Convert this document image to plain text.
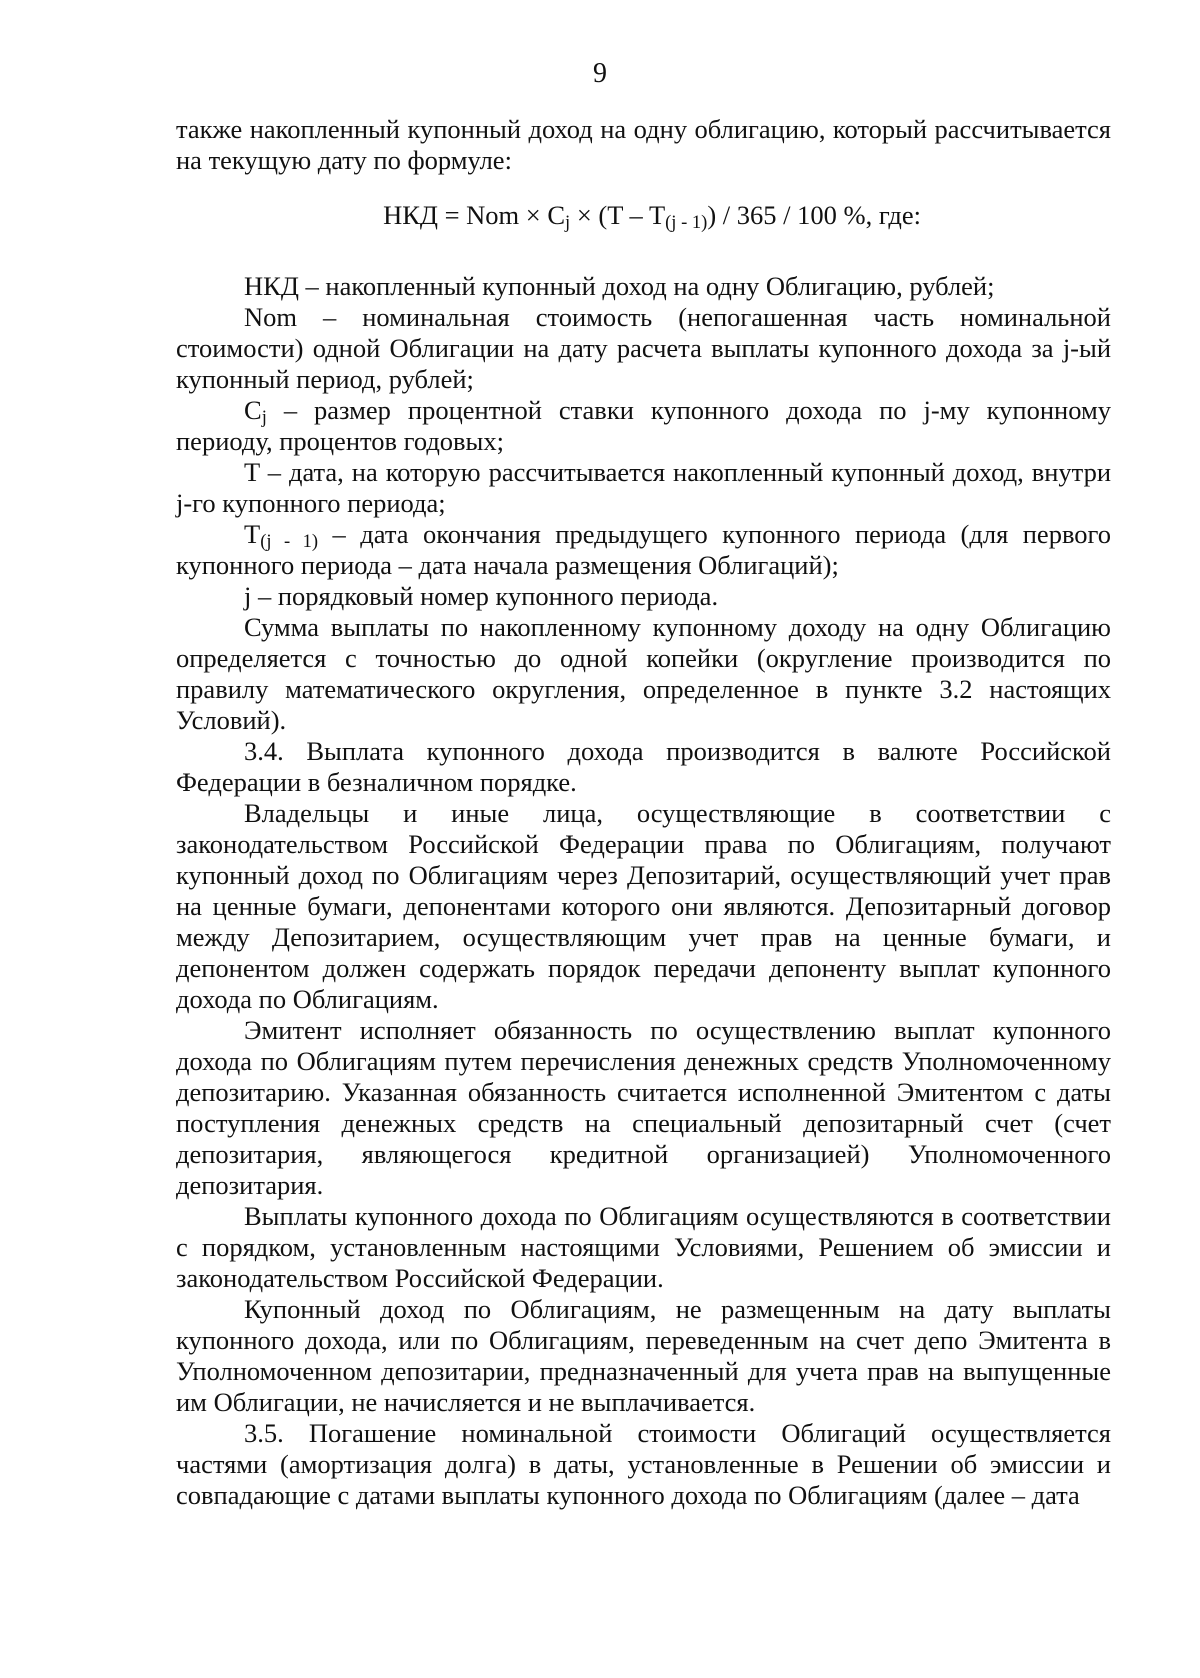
9

также накопленный купонный доход на одну облигацию, который рассчитывается на текущую дату по формуле:

НКД = Nom × $C_j \times (T - T_{(j - 1)}) / 365 / 100$ %, где:

НКД – накопленный купонный доход на одну Облигацию, рублей;

Nom – номинальная стоимость (непогашенная часть номинальной стоимости) одной Облигации на дату расчета выплаты купонного дохода за j-ый купонный период, рублей;

$C_j$ – размер процентной ставки купонного дохода по j-му купонному периоду, процентов годовых;

T – дата, на которую рассчитывается накопленный купонный доход, внутри j-го купонного периода;

$T_{(j - 1)}$ – дата окончания предыдущего купонного периода (для первого купонного периода – дата начала размещения Облигаций);

j – порядковый номер купонного периода.

Сумма выплаты по накопленному купонному доходу на одну Облигацию определяется с точностью до одной копейки (округление производится по правилу математического округления, определенное в пункте 3.2 настоящих Условий).

3.4. Выплата купонного дохода производится в валюте Российской Федерации в безналичном порядке.

Владельцы и иные лица, осуществляющие в соответствии с законодательством Российской Федерации права по Облигациям, получают купонный доход по Облигациям через Депозитарий, осуществляющий учет прав на ценные бумаги, депонентами которого они являются. Депозитарный договор между Депозитарием, осуществляющим учет прав на ценные бумаги, и депонентом должен содержать порядок передачи депоненту выплат купонного дохода по Облигациям.

Эмитент исполняет обязанность по осуществлению выплат купонного дохода по Облигациям путем перечисления денежных средств Уполномоченному депозитарию. Указанная обязанность считается исполненной Эмитентом с даты поступления денежных средств на специальный депозитарный счет (счет депозитария, являющегося кредитной организацией) Уполномоченного депозитария.

Выплаты купонного дохода по Облигациям осуществляются в соответствии с порядком, установленным настоящими Условиями, Решением об эмиссии и законодательством Российской Федерации.

Купонный доход по Облигациям, не размещенным на дату выплаты купонного дохода, или по Облигациям, переведенным на счет депо Эмитента в Уполномоченном депозитарии, предназначенный для учета прав на выпущенные им Облигации, не начисляется и не выплачивается.

3.5. Погашение номинальной стоимости Облигаций осуществляется частями (амортизация долга) в даты, установленные в Решении об эмиссии и совпадающие с датами выплаты купонного дохода по Облигациям (далее – дата
